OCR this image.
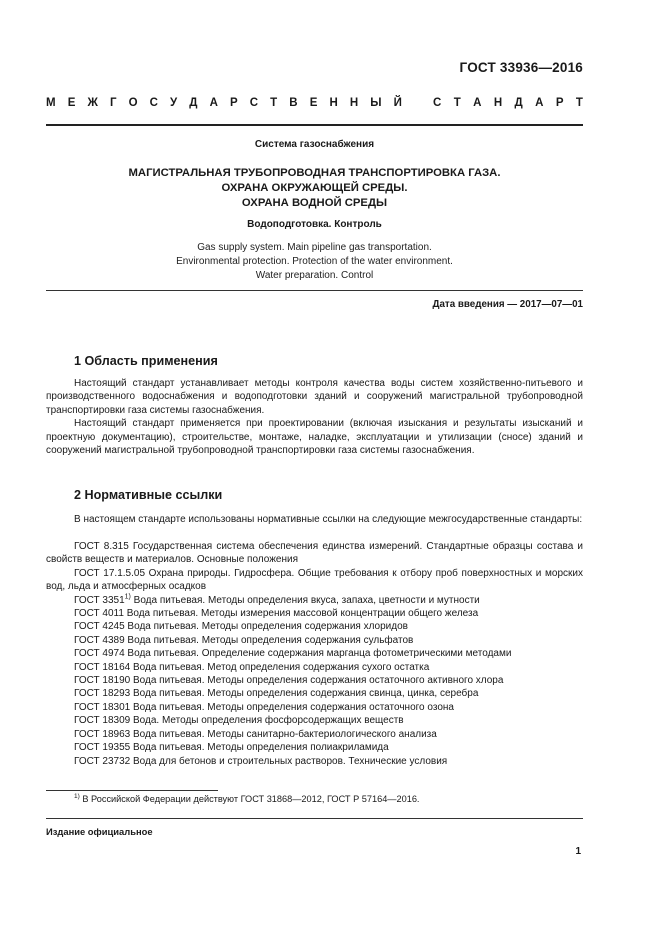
ГОСТ 33936—2016
М Е Ж Г О С У Д А Р С Т В Е Н Н Ы Й	С Т А Н Д А Р Т
Система газоснабжения
МАГИСТРАЛЬНАЯ ТРУБОПРОВОДНАЯ ТРАНСПОРТИРОВКА ГАЗА.
ОХРАНА ОКРУЖАЮЩЕЙ СРЕДЫ.
ОХРАНА ВОДНОЙ СРЕДЫ
Водоподготовка. Контроль
Gas supply system. Main pipeline gas transportation.
Environmental protection. Protection of the water environment.
Water preparation. Control
Дата введения — 2017—07—01
1 Область применения

Настоящий стандарт устанавливает методы контроля качества воды систем хозяйственно-питьевого и производственного водоснабжения и водоподготовки зданий и сооружений магистральной трубопроводной транспортировки газа системы газоснабжения.

Настоящий стандарт применяется при проектировании (включая изыскания и результаты изысканий и проектную документацию), строительстве, монтаже, наладке, эксплуатации и утилизации (сносе) зданий и сооружений магистральной трубопроводной транспортировки газа системы газоснабжения.

2 Нормативные ссылки

В настоящем стандарте использованы нормативные ссылки на следующие межгосударственные стандарты:

ГОСТ 8.315 Государственная система обеспечения единства измерений. Стандартные образцы состава и свойств веществ и материалов. Основные положения
ГОСТ 17.1.5.05 Охрана природы. Гидросфера. Общие требования к отбору проб поверхностных и морских вод, льда и атмосферных осадков
ГОСТ 3351$^{1)}$ Вода питьевая. Методы определения вкуса, запаха, цветности и мутности
ГОСТ 4011 Вода питьевая. Методы измерения массовой концентрации общего железа
ГОСТ 4245 Вода питьевая. Методы определения содержания хлоридов
ГОСТ 4389 Вода питьевая. Методы определения содержания сульфатов
ГОСТ 4974 Вода питьевая. Определение содержания марганца фотометрическими методами
ГОСТ 18164 Вода питьевая. Метод определения содержания сухого остатка
ГОСТ 18190 Вода питьевая. Методы определения содержания остаточного активного хлора
ГОСТ 18293 Вода питьевая. Методы определения содержания свинца, цинка, серебра
ГОСТ 18301 Вода питьевая. Методы определения содержания остаточного озона
ГОСТ 18309 Вода. Методы определения фосфорсодержащих веществ
ГОСТ 18963 Вода питьевая. Методы санитарно-бактериологического анализа
ГОСТ 19355 Вода питьевая. Методы определения полиакриламида
ГОСТ 23732 Вода для бетонов и строительных растворов. Технические условия
$^{1)}$ В Российской Федерации действуют ГОСТ 31868—2012, ГОСТ Р 57164—2016.
Издание официальное
1
